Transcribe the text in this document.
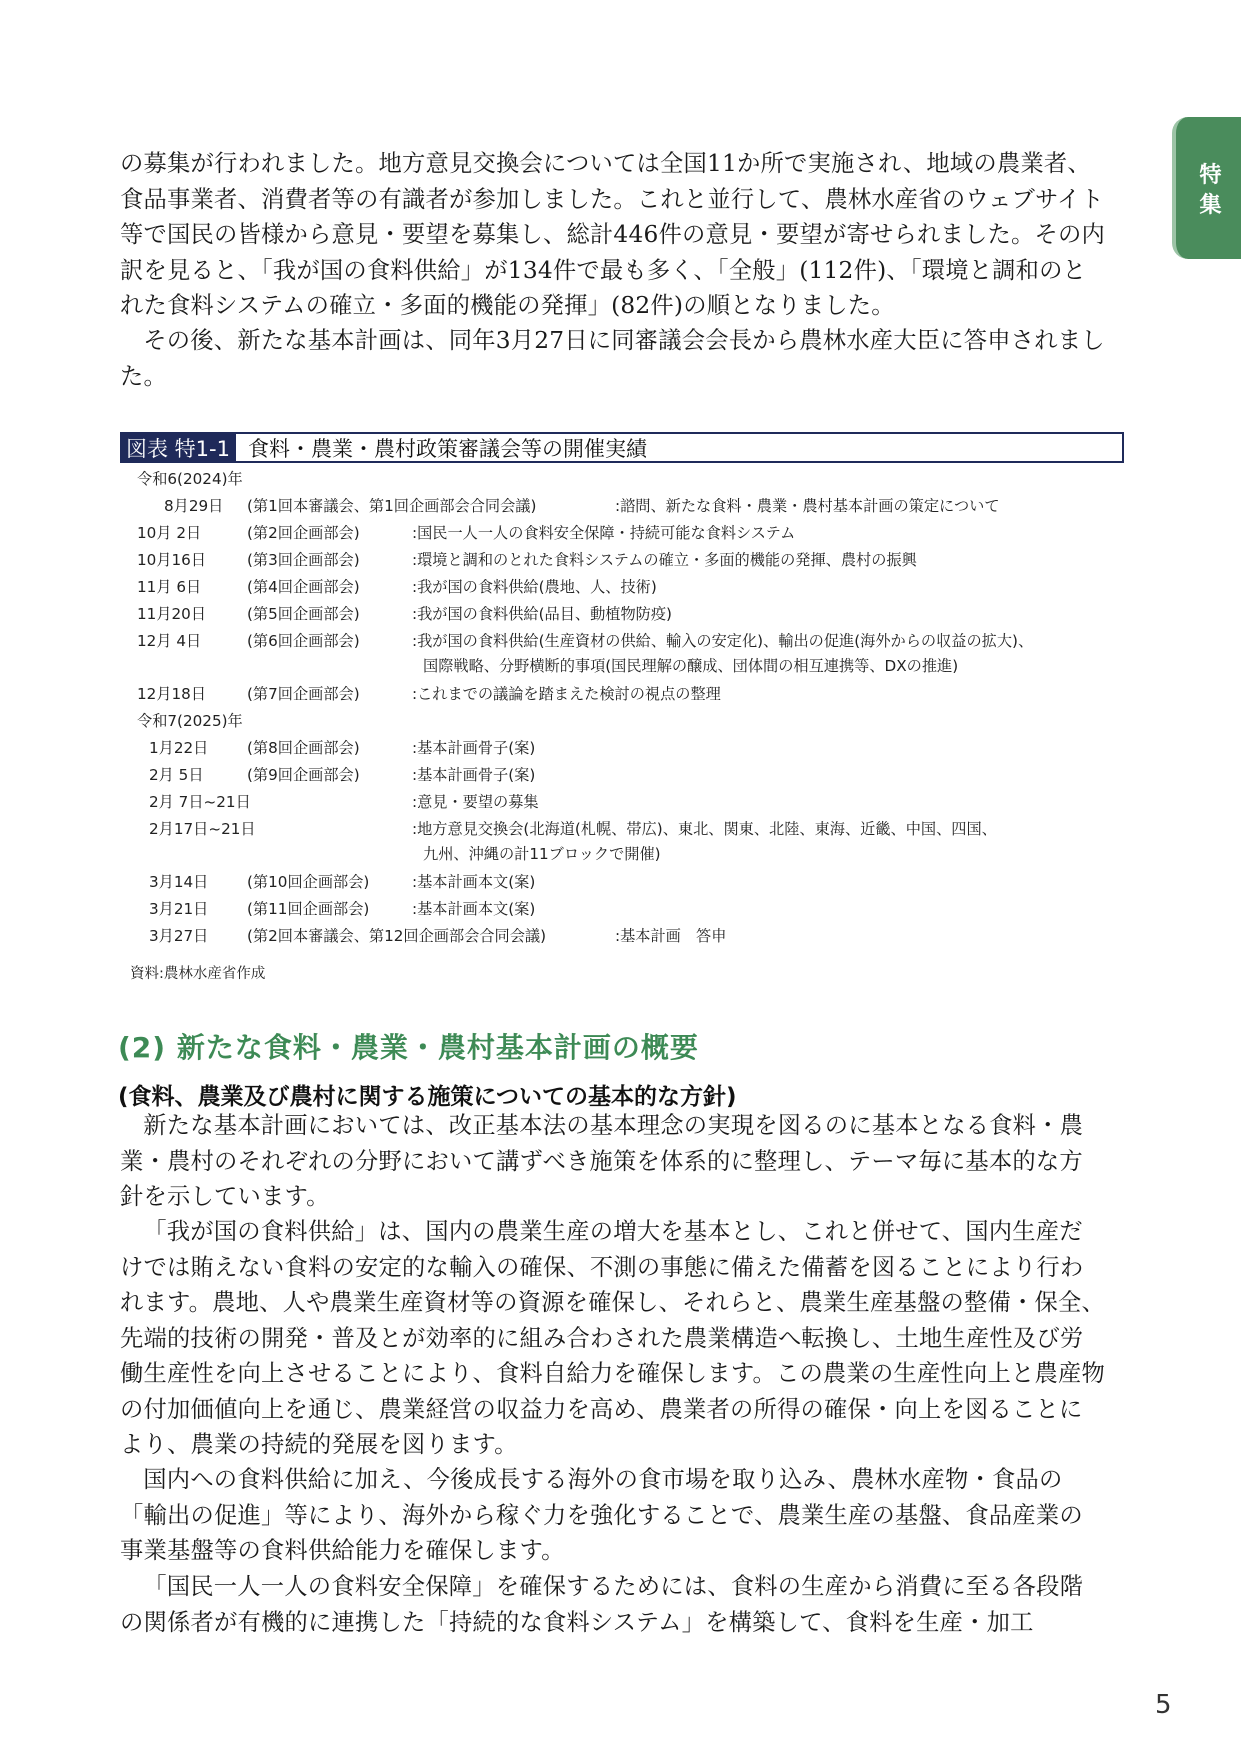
特
集

の募集が行われました。地方意見交換会については全国11か所で実施され、地域の農業者、食品事業者、消費者等の有識者が参加しました。これと並行して、農林水産省のウェブサイト等で国民の皆様から意見・要望を募集し、総計446件の意見・要望が寄せられました。その内訳を見ると、「我が国の食料供給」が134件で最も多く、「全般」(112件)、「環境と調和のとれた食料システムの確立・多面的機能の発揮」(82件)の順となりました。

その後、新たな基本計画は、同年3月27日に同審議会会長から農林水産大臣に答申されました。

図表 特1-1 食料・農業・農村政策審議会等の開催実績
令和6(2024)年
8月29日 (第1回本審議会、第1回企画部会合同会議)	:諮問、新たな食料・農業・農村基本計画の策定について
10月 2日	(第2回企画部会)	:国民一人一人の食料安全保障・持続可能な食料システム
10月16日	(第3回企画部会)	:環境と調和のとれた食料システムの確立・多面的機能の発揮、農村の振興
11月 6日	(第4回企画部会)	:我が国の食料供給(農地、人、技術)
11月20日	(第5回企画部会)	:我が国の食料供給(品目、動植物防疫)
12月 4日	(第6回企画部会)	:我が国の食料供給(生産資材の供給、輸入の安定化)、輸出の促進(海外からの収益の拡大)、
国際戦略、分野横断的事項(国民理解の醸成、団体間の相互連携等、DXの推進)
12月18日	(第7回企画部会)	:これまでの議論を踏まえた検討の視点の整理
令和7(2025)年
1月22日	(第8回企画部会)	:基本計画骨子(案)
2月 5日	(第9回企画部会)	:基本計画骨子(案)
2月 7日~21日	:意見・要望の募集
2月17日~21日	:地方意見交換会(北海道(札幌、帯広)、東北、関東、北陸、東海、近畿、中国、四国、
九州、沖縄の計11ブロックで開催)
3月14日	(第10回企画部会)	:基本計画本文(案)
3月21日	(第11回企画部会)	:基本計画本文(案)
3月27日	(第2回本審議会、第12回企画部会合同会議)	:基本計画　答申
資料:農林水産省作成
(2) 新たな食料・農業・農村基本計画の概要
(食料、農業及び農村に関する施策についての基本的な方針)

新たな基本計画においては、改正基本法の基本理念の実現を図るのに基本となる食料・農業・農村のそれぞれの分野において講ずべき施策を体系的に整理し、テーマ毎に基本的な方針を示しています。

「我が国の食料供給」は、国内の農業生産の増大を基本とし、これと併せて、国内生産だけでは賄えない食料の安定的な輸入の確保、不測の事態に備えた備蓄を図ることにより行われます。農地、人や農業生産資材等の資源を確保し、それらと、農業生産基盤の整備・保全、先端的技術の開発・普及とが効率的に組み合わされた農業構造へ転換し、土地生産性及び労働生産性を向上させることにより、食料自給力を確保します。この農業の生産性向上と農産物の付加価値向上を通じ、農業経営の収益力を高め、農業者の所得の確保・向上を図ることにより、農業の持続的発展を図ります。

国内への食料供給に加え、今後成長する海外の食市場を取り込み、農林水産物・食品の「輸出の促進」等により、海外から稼ぐ力を強化することで、農業生産の基盤、食品産業の事業基盤等の食料供給能力を確保します。

「国民一人一人の食料安全保障」を確保するためには、食料の生産から消費に至る各段階の関係者が有機的に連携した「持続的な食料システム」を構築して、食料を生産・加工

5
